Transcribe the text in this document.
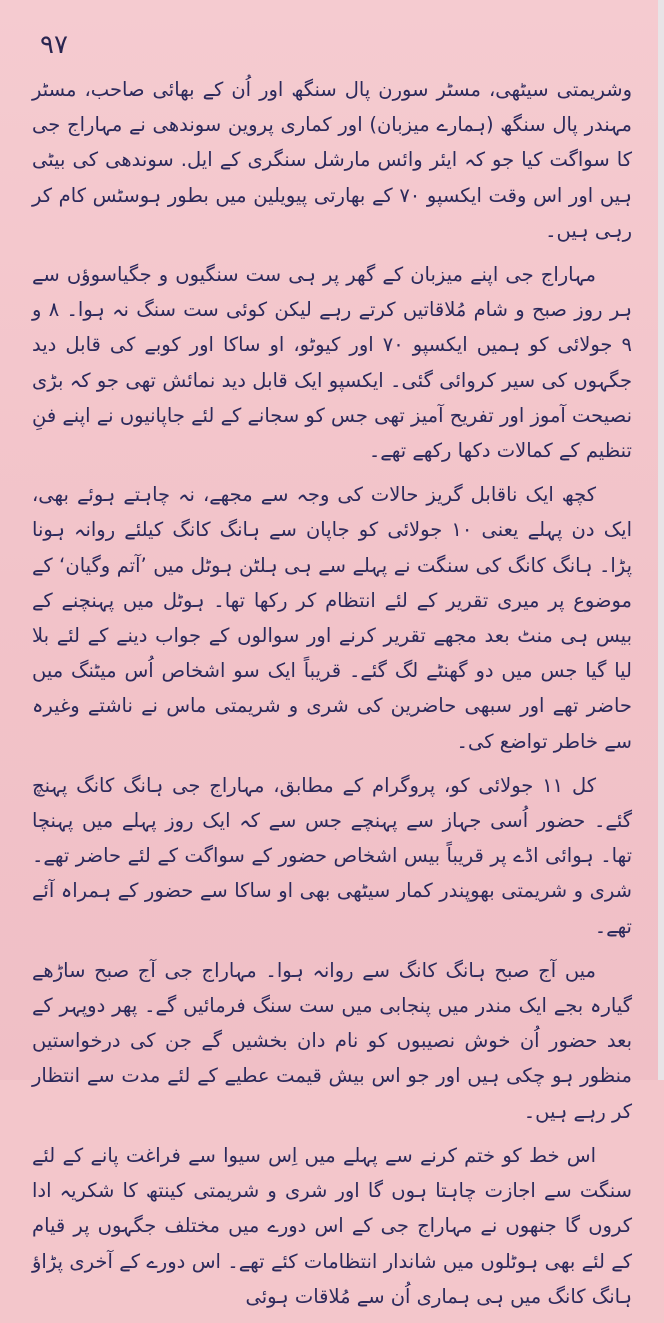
۹۷

وشریمتی سیٹھی، مسٹر سورن پال سنگھ اور اُن کے بھائی صاحب، مسٹر مہندر پال سنگھ (ہمارے میزبان) اور کماری پروین سوندھی نے مہاراج جی کا سواگت کیا جو کہ ایئر وائس مارشل سنگری کے ایل. سوندھی کی بیٹی ہیں اور اس وقت ایکسپو ۷۰ کے بھارتی پیویلین میں بطور ہوسٹس کام کر رہی ہیں۔

مہاراج جی اپنے میزبان کے گھر پر ہی ست سنگیوں و جگیاسوؤں سے ہر روز صبح و شام مُلاقاتیں کرتے رہے لیکن کوئی ست سنگ نہ ہوا۔ ۸ و ۹ جولائی کو ہمیں ایکسپو ۷۰ اور کیوٹو، او ساکا اور کوبے کی قابل دید جگہوں کی سیر کروائی گئی۔ ایکسپو ایک قابل دید نمائش تھی جو کہ بڑی نصیحت آموز اور تفریح آمیز تھی جس کو سجانے کے لئے جاپانیوں نے اپنے فنِ تنظیم کے کمالات دکھا رکھے تھے۔

کچھ ایک ناقابل گریز حالات کی وجہ سے مجھے، نہ چاہتے ہوئے بھی، ایک دن پہلے یعنی ۱۰ جولائی کو جاپان سے ہانگ کانگ کیلئے روانہ ہونا پڑا۔ ہانگ کانگ کی سنگت نے پہلے سے ہی ہلٹن ہوٹل میں ’آتم وگیان‘ کے موضوع پر میری تقریر کے لئے انتظام کر رکھا تھا۔ ہوٹل میں پہنچنے کے بیس ہی منٹ بعد مجھے تقریر کرنے اور سوالوں کے جواب دینے کے لئے بلا لیا گیا جس میں دو گھنٹے لگ گئے۔ قریباً ایک سو اشخاص اُس میٹنگ میں حاضر تھے اور سبھی حاضرین کی شری و شریمتی ماس نے ناشتے وغیرہ سے خاطر تواضع کی۔

کل ۱۱ جولائی کو، پروگرام کے مطابق، مہاراج جی ہانگ کانگ پہنچ گئے۔ حضور اُسی جہاز سے پہنچے جس سے کہ ایک روز پہلے میں پہنچا تھا۔ ہوائی اڈے پر قریباً بیس اشخاص حضور کے سواگت کے لئے حاضر تھے۔ شری و شریمتی بھوپندر کمار سیٹھی بھی او ساکا سے حضور کے ہمراہ آئے تھے۔

میں آج صبح ہانگ کانگ سے روانہ ہوا۔ مہاراج جی آج صبح ساڑھے گیارہ بجے ایک مندر میں پنجابی میں ست سنگ فرمائیں گے۔ پھر دوپہر کے بعد حضور اُن خوش نصیبوں کو نام دان بخشیں گے جن کی درخواستیں منظور ہو چکی ہیں اور جو اس بیش قیمت عطیے کے لئے مدت سے انتظار کر رہے ہیں۔

اس خط کو ختم کرنے سے پہلے میں اِس سیوا سے فراغت پانے کے لئے سنگت سے اجازت چاہتا ہوں گا اور شری و شریمتی کینتھ کا شکریہ ادا کروں گا جنھوں نے مہاراج جی کے اس دورے میں مختلف جگہوں پر قیام کے لئے بھی ہوٹلوں میں شاندار انتظامات کئے تھے۔ اس دورے کے آخری پڑاؤ ہانگ کانگ میں ہی ہماری اُن سے مُلاقات ہوئی
